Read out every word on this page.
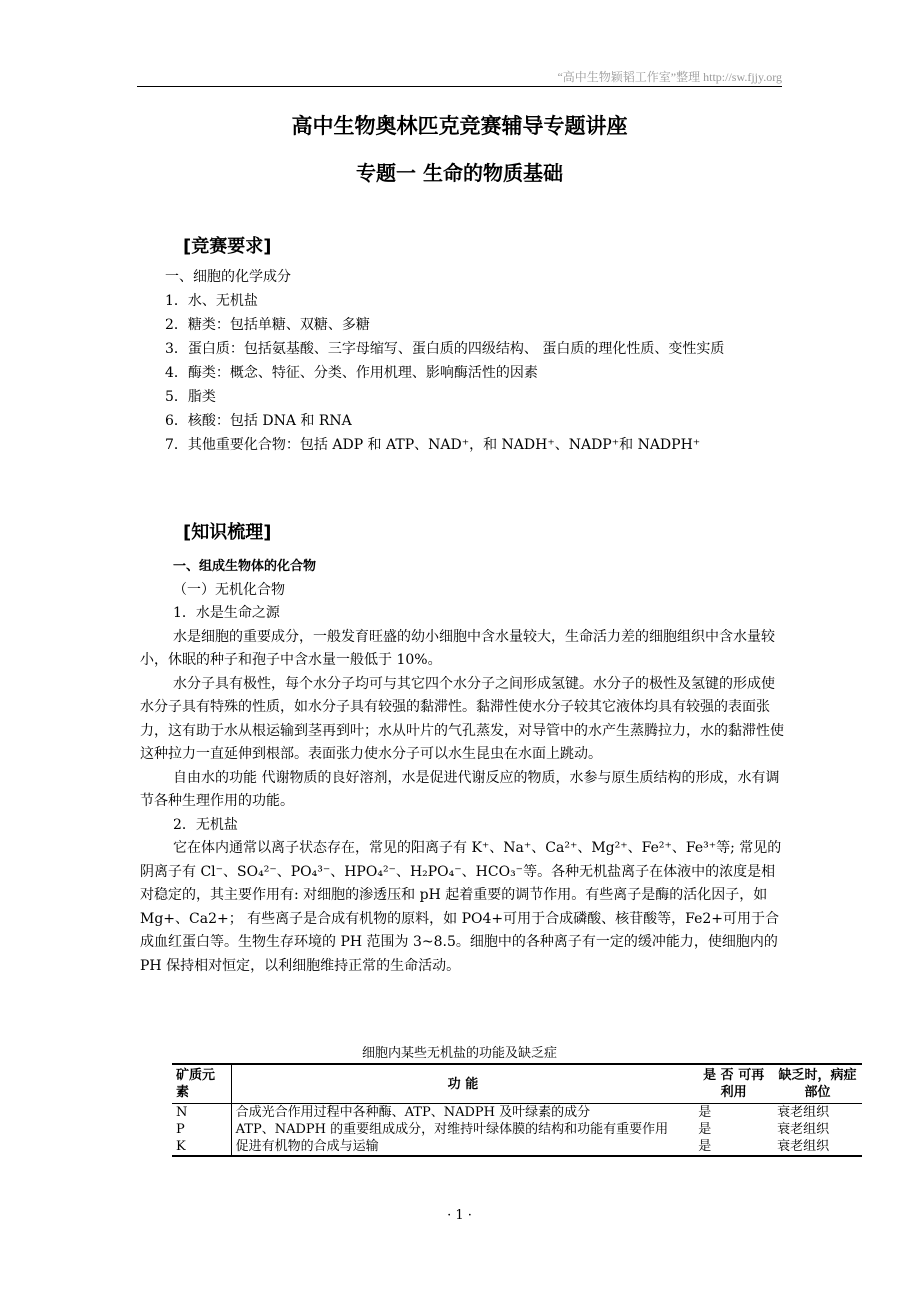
“高中生物颖韬工作室”整理 http://sw.fjjy.org
高中生物奥林匹克竞赛辅导专题讲座
专题一 生命的物质基础
[竞赛要求]

一、细胞的化学成分

1．水、无机盐

2．糖类：包括单糖、双糖、多糖

3．蛋白质：包括氨基酸、三字母缩写、蛋白质的四级结构、 蛋白质的理化性质、变性实质

4．酶类：概念、特征、分类、作用机理、影响酶活性的因素

5．脂类

6．核酸：包括 DNA 和 RNA

7．其他重要化合物：包括 ADP 和 ATP、NAD⁺，和 NADH⁺、NADP⁺和 NADPH⁺

[知识梳理]

一、组成生物体的化合物

（一）无机化合物

1．水是生命之源

水是细胞的重要成分，一般发育旺盛的幼小细胞中含水量较大，生命活力差的细胞组织中含水量较小，休眠的种子和孢子中含水量一般低于 10%。

水分子具有极性，每个水分子均可与其它四个水分子之间形成氢键。水分子的极性及氢键的形成使水分子具有特殊的性质，如水分子具有较强的黏滞性。黏滞性使水分子较其它液体均具有较强的表面张力，这有助于水从根运输到茎再到叶；水从叶片的气孔蒸发，对导管中的水产生蒸腾拉力，水的黏滞性使这种拉力一直延伸到根部。表面张力使水分子可以水生昆虫在水面上跳动。

自由水的功能 代谢物质的良好溶剂，水是促进代谢反应的物质，水参与原生质结构的形成，水有调节各种生理作用的功能。

2．无机盐

它在体内通常以离子状态存在，常见的阳离子有 K⁺、Na⁺、Ca²⁺、Mg²⁺、Fe²⁺、Fe³⁺等; 常见的阴离子有 Cl⁻、SO₄²⁻、PO₄³⁻、HPO₄²⁻、H₂PO₄⁻、HCO₃⁻等。各种无机盐离子在体液中的浓度是相对稳定的，其主要作用有: 对细胞的渗透压和 pH 起着重要的调节作用。有些离子是酶的活化因子，如 Mg+、Ca2+； 有些离子是合成有机物的原料，如 PO4+可用于合成磷酸、核苷酸等，Fe2+可用于合成血红蛋白等。生物生存环境的 PH 范围为 3~8.5。细胞中的各种离子有一定的缓冲能力，使细胞内的 PH 保持相对恒定，以利细胞维持正常的生命活动。

细胞内某些无机盐的功能及缺乏症
矿质元素	功 能	是 否 可再利用	缺乏时，病症部位
N	合成光合作用过程中各种酶、ATP、NADPH 及叶绿素的成分	是	衰老组织
P	ATP、NADPH 的重要组成成分，对维持叶绿体膜的结构和功能有重要作用	是	衰老组织
K	促进有机物的合成与运输	是	衰老组织
· 1 ·
